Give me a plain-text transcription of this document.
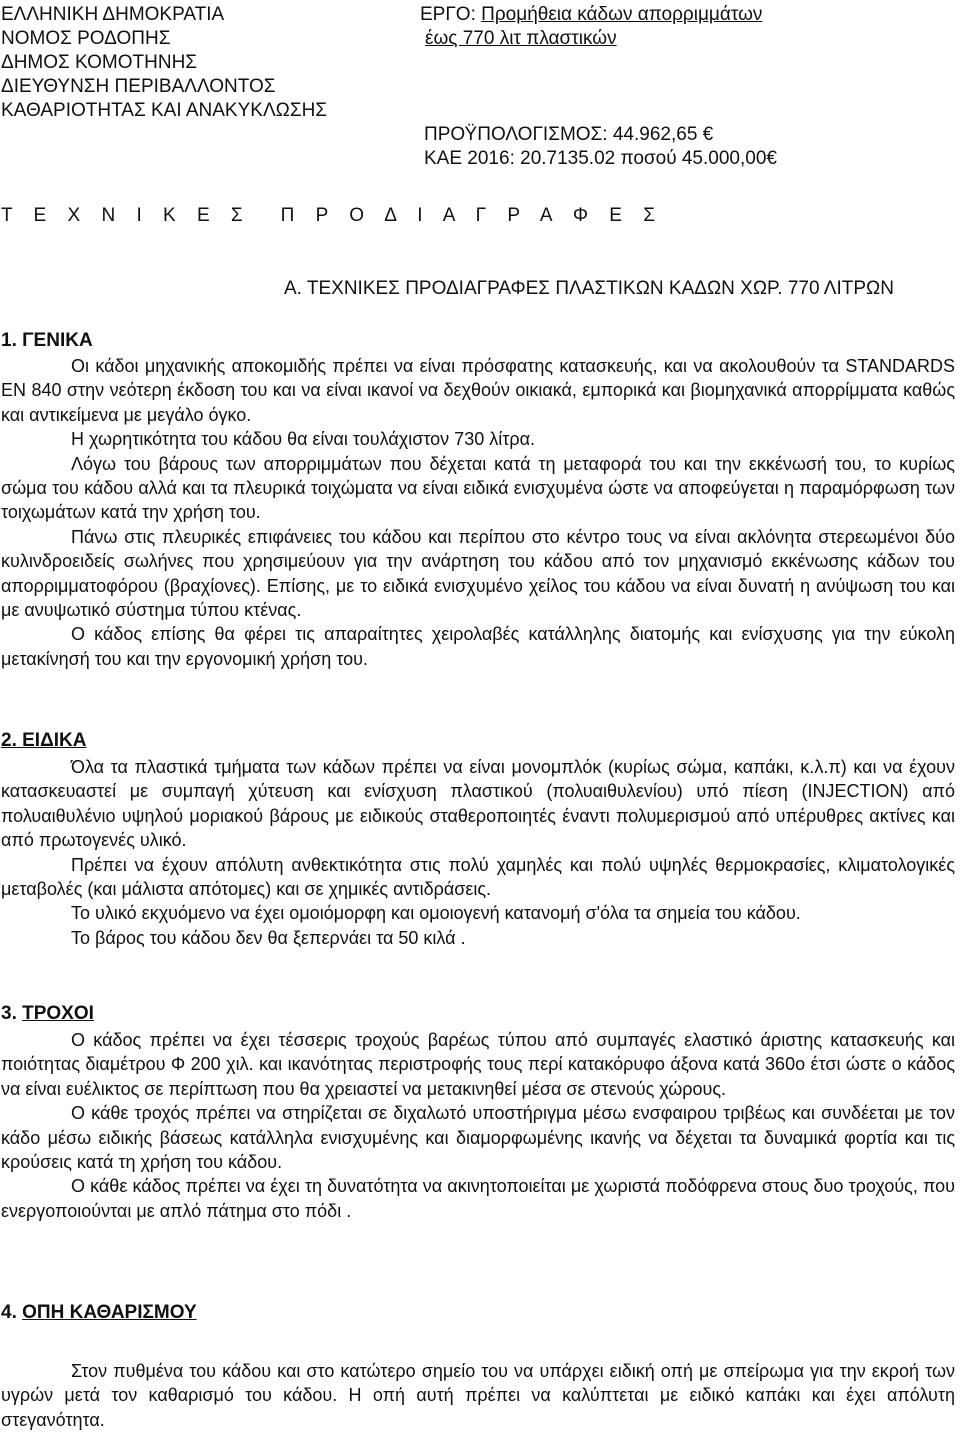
ΕΛΛΗΝΙΚΗ ΔΗΜΟΚΡΑΤΙΑ
ΝΟΜΟΣ ΡΟΔΟΠΗΣ
ΔΗΜΟΣ ΚΟΜΟΤΗΝΗΣ
ΔΙΕΥΘΥΝΣΗ ΠΕΡΙΒΑΛΛΟΝΤΟΣ
ΚΑΘΑΡΙΟΤΗΤΑΣ ΚΑΙ ΑΝΑΚΥΚΛΩΣΗΣ
ΕΡΓΟ: Προμήθεια κάδων απορριμμάτων
έως 770 λιτ πλαστικών
ΠΡΟΫΠΟΛΟΓΙΣΜΟΣ: 44.962,65 €
ΚΑΕ 2016: 20.7135.02 ποσού 45.000,00€
Τ Ε Χ Ν Ι Κ Ε Σ Π Ρ Ο Δ Ι Α Γ Ρ Α Φ Ε Σ
Α. ΤΕΧΝΙΚΕΣ ΠΡΟΔΙΑΓΡΑΦΕΣ ΠΛΑΣΤΙΚΩΝ ΚΑΔΩΝ ΧΩΡ. 770 ΛΙΤΡΩΝ
1. ΓΕΝΙΚΑ

Οι κάδοι μηχανικής αποκομιδής πρέπει να είναι πρόσφατης κατασκευής, και να ακολουθούν τα STANDARDS EN 840 στην νεότερη έκδοση του και να είναι ικανοί να δεχθούν οικιακά, εμπορικά και βιομηχανικά απορρίμματα καθώς και αντικείμενα με μεγάλο όγκο.

Η χωρητικότητα του κάδου θα είναι τουλάχιστον 730 λίτρα.

Λόγω του βάρους των απορριμμάτων που δέχεται κατά τη μεταφορά του και την εκκένωσή του, το κυρίως σώμα του κάδου αλλά και τα πλευρικά τοιχώματα να είναι ειδικά ενισχυμένα ώστε να αποφεύγεται η παραμόρφωση των τοιχωμάτων κατά την χρήση του.

Πάνω στις πλευρικές επιφάνειες του κάδου και περίπου στο κέντρο τους να είναι ακλόνητα στερεωμένοι δύο κυλινδροειδείς σωλήνες που χρησιμεύουν για την ανάρτηση του κάδου από τον μηχανισμό εκκένωσης κάδων του απορριμματοφόρου (βραχίονες). Επίσης, με το ειδικά ενισχυμένο χείλος του κάδου να είναι δυνατή η ανύψωση του και με ανυψωτικό σύστημα τύπου κτένας.

Ο κάδος επίσης θα φέρει τις απαραίτητες χειρολαβές κατάλληλης διατομής και ενίσχυσης για την εύκολη μετακίνησή του και την εργονομική χρήση του.

2. ΕΙΔΙΚΑ

Όλα τα πλαστικά τμήματα των κάδων πρέπει να είναι μονομπλόκ (κυρίως σώμα, καπάκι, κ.λ.π) και να έχουν κατασκευαστεί με συμπαγή χύτευση και ενίσχυση πλαστικού (πολυαιθυλενίου) υπό πίεση (INJECTION) από πολυαιθυλένιο υψηλού μοριακού βάρους με ειδικούς σταθεροποιητές έναντι πολυμερισμού από υπέρυθρες ακτίνες και από πρωτογενές υλικό.

Πρέπει να έχουν απόλυτη ανθεκτικότητα στις πολύ χαμηλές και πολύ υψηλές θερμοκρασίες, κλιματολογικές μεταβολές (και μάλιστα απότομες) και σε χημικές αντιδράσεις.

Το υλικό εκχυόμενο να έχει ομοιόμορφη και ομοιογενή κατανομή σ'όλα τα σημεία του κάδου.

Το βάρος του κάδου δεν θα ξεπερνάει τα 50 κιλά .

3. ΤΡΟΧΟΙ

Ο κάδος πρέπει να έχει τέσσερις τροχούς βαρέως τύπου από συμπαγές ελαστικό άριστης κατασκευής και ποιότητας διαμέτρου Φ 200 χιλ. και ικανότητας περιστροφής τους περί κατακόρυφο άξονα κατά 360ο έτσι ώστε ο κάδος να είναι ευέλικτος σε περίπτωση που θα χρειαστεί να μετακινηθεί μέσα σε στενούς χώρους.

Ο κάθε τροχός πρέπει να στηρίζεται σε διχαλωτό υποστήριγμα μέσω ενσφαιρου τριβέως και συνδέεται με τον κάδο μέσω ειδικής βάσεως κατάλληλα ενισχυμένης και διαμορφωμένης ικανής να δέχεται τα δυναμικά φορτία και τις κρούσεις κατά τη χρήση του κάδου.

Ο κάθε κάδος πρέπει να έχει τη δυνατότητα να ακινητοποιείται με χωριστά ποδόφρενα στους δυο τροχούς, που ενεργοποιούνται με απλό πάτημα στο πόδι .

4. ΟΠΗ ΚΑΘΑΡΙΣΜΟΥ

Στον πυθμένα του κάδου και στο κατώτερο σημείο του να υπάρχει ειδική οπή με σπείρωμα για την εκροή των υγρών μετά τον καθαρισμό του κάδου. Η οπή αυτή πρέπει να καλύπτεται με ειδικό καπάκι και έχει απόλυτη στεγανότητα.
